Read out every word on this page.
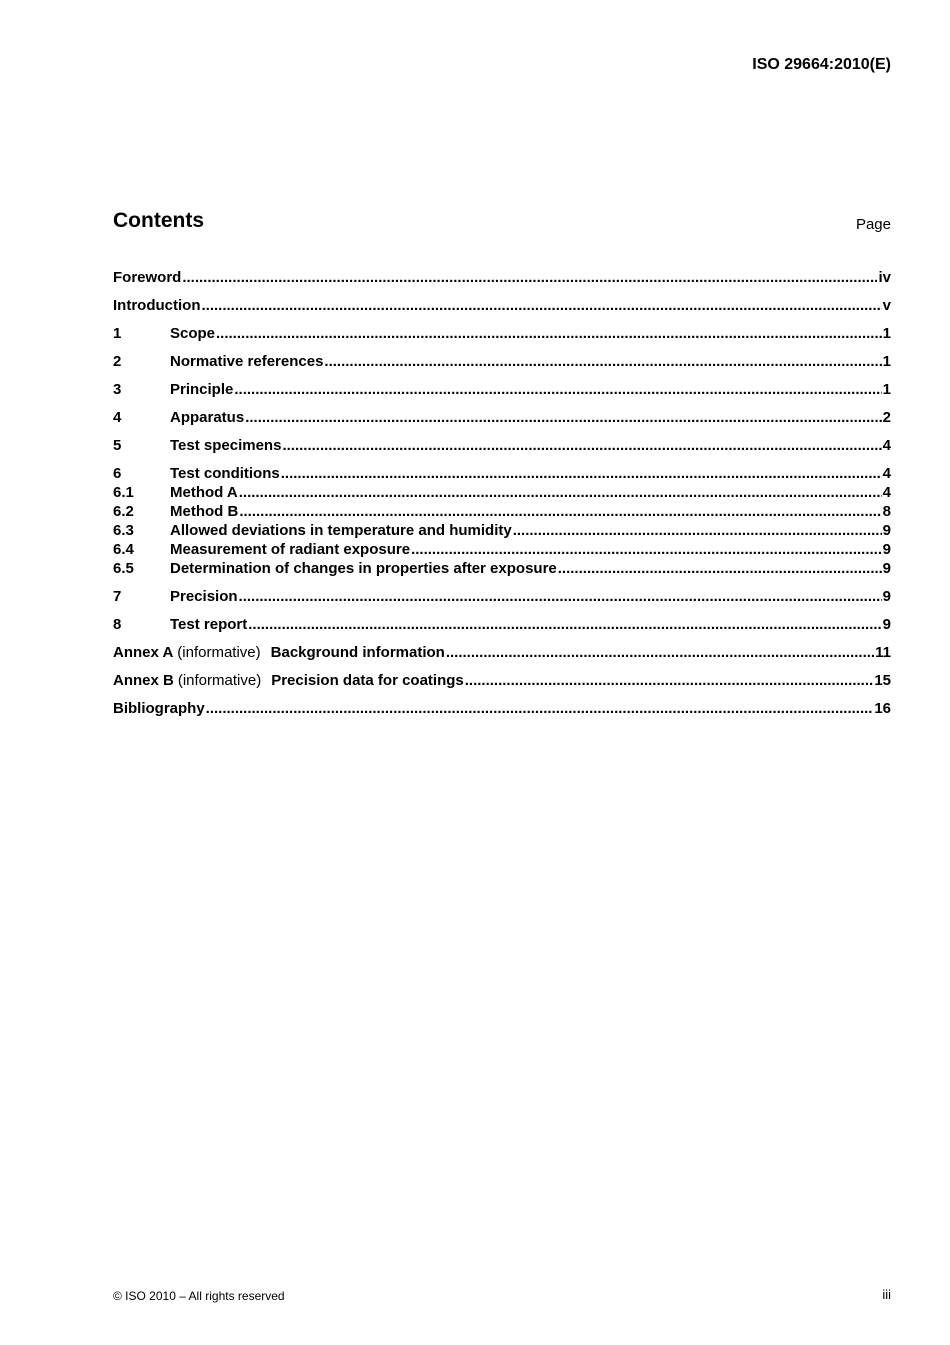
ISO 29664:2010(E)
Contents	Page
Foreword .....	iv
Introduction .....	v
1	Scope .....	1
2	Normative references .....	1
3	Principle .....	1
4	Apparatus .....	2
5	Test specimens .....	4
6	Test conditions .....	4
6.1	Method A .....	4
6.2	Method B .....	8
6.3	Allowed deviations in temperature and humidity .....	9
6.4	Measurement of radiant exposure .....	9
6.5	Determination of changes in properties after exposure .....	9
7	Precision .....	9
8	Test report .....	9
Annex A (informative) Background information .....	11
Annex B (informative) Precision data for coatings .....	15
Bibliography .....	16
© ISO 2010 – All rights reserved	iii
